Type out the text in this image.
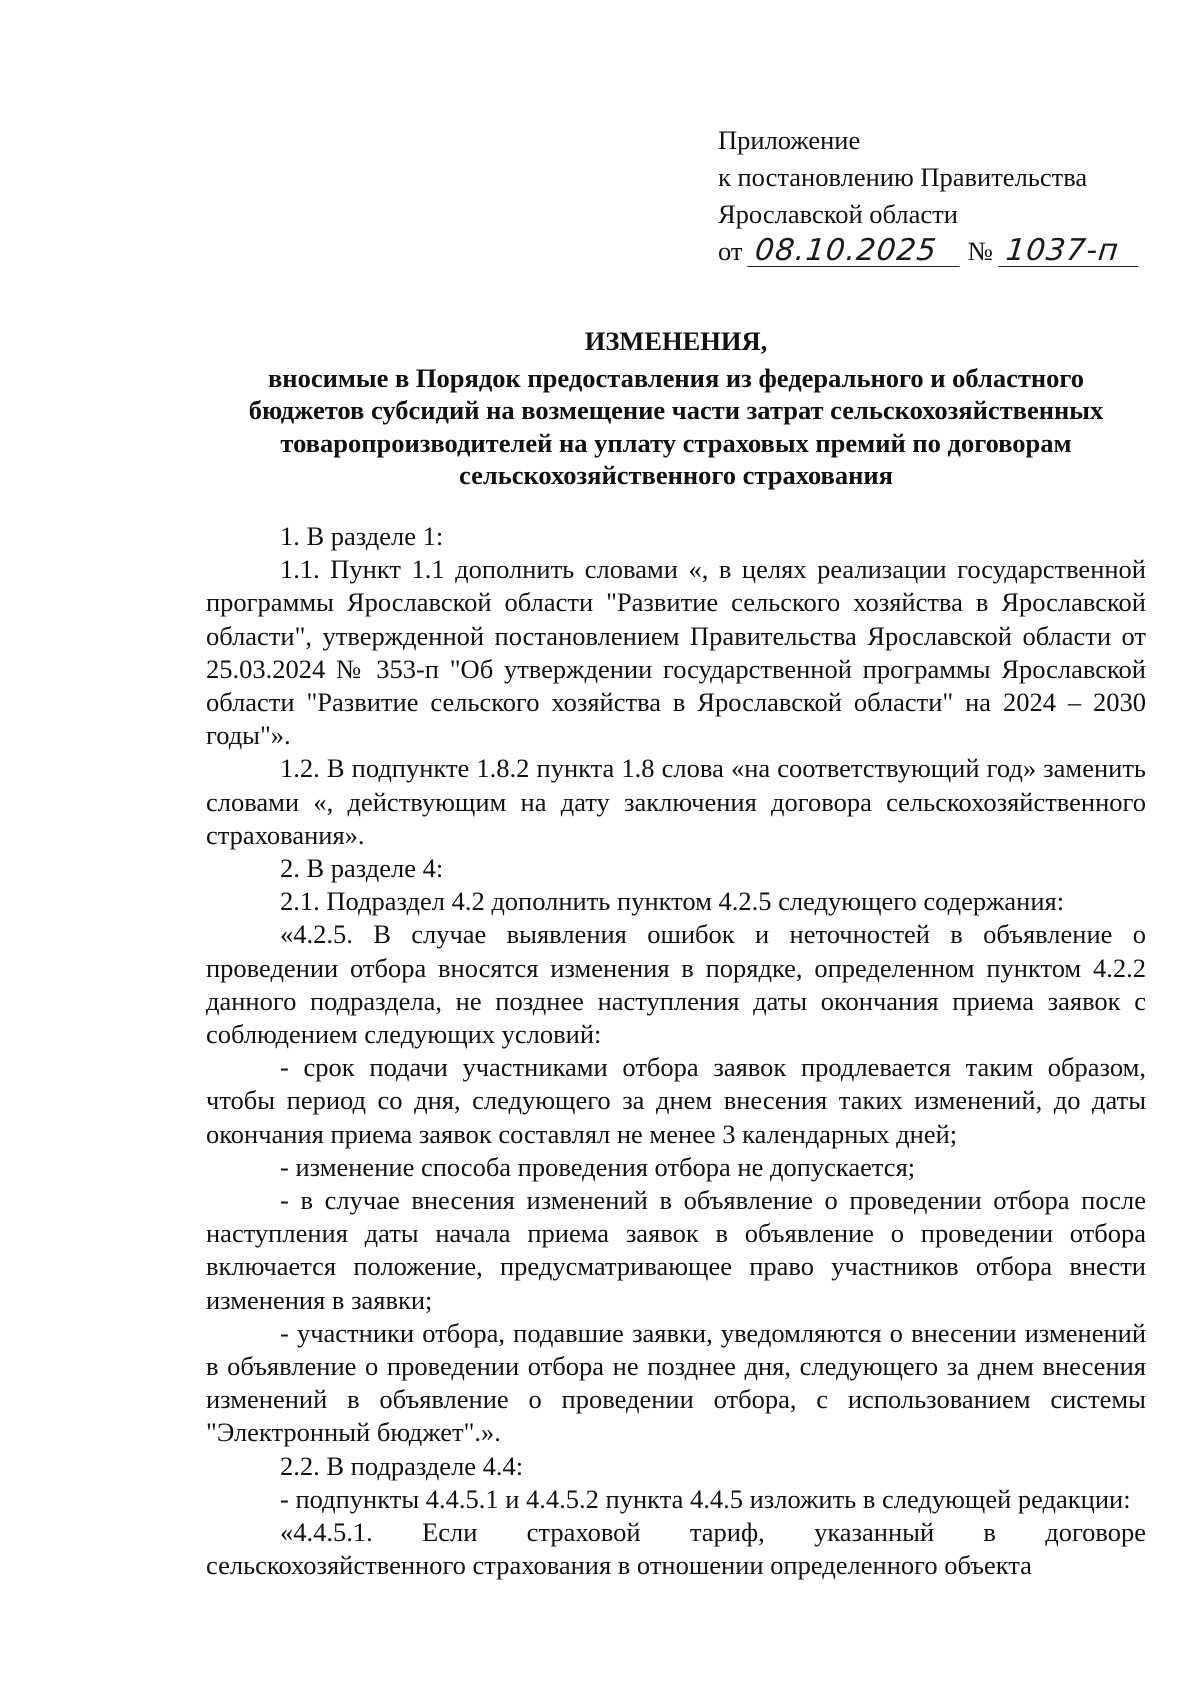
Приложение
к постановлению Правительства
Ярославской области
от 08.10.2025 № 1037-п
ИЗМЕНЕНИЯ,
вносимые в Порядок предоставления из федерального и областного
бюджетов субсидий на возмещение части затрат сельскохозяйственных
товаропроизводителей на уплату страховых премий по договорам
сельскохозяйственного страхования

1. В разделе 1:

1.1. Пункт 1.1 дополнить словами «, в целях реализации государственной программы Ярославской области "Развитие сельского хозяйства в Ярославской области", утвержденной постановлением Правительства Ярославской области от 25.03.2024 № 353-п "Об утверждении государственной программы Ярославской области "Развитие сельского хозяйства в Ярославской области" на 2024 – 2030 годы"».

1.2. В подпункте 1.8.2 пункта 1.8 слова «на соответствующий год» заменить словами «, действующим на дату заключения договора сельскохозяйственного страхования».

2. В разделе 4:

2.1. Подраздел 4.2 дополнить пунктом 4.2.5 следующего содержания:

«4.2.5. В случае выявления ошибок и неточностей в объявление о проведении отбора вносятся изменения в порядке, определенном пунктом 4.2.2 данного подраздела, не позднее наступления даты окончания приема заявок с соблюдением следующих условий:

- срок подачи участниками отбора заявок продлевается таким образом, чтобы период со дня, следующего за днем внесения таких изменений, до даты окончания приема заявок составлял не менее 3 календарных дней;

- изменение способа проведения отбора не допускается;

- в случае внесения изменений в объявление о проведении отбора после наступления даты начала приема заявок в объявление о проведении отбора включается положение, предусматривающее право участников отбора внести изменения в заявки;

- участники отбора, подавшие заявки, уведомляются о внесении изменений в объявление о проведении отбора не позднее дня, следующего за днем внесения изменений в объявление о проведении отбора, с использованием системы "Электронный бюджет".».

2.2. В подразделе 4.4:

- подпункты 4.4.5.1 и 4.4.5.2 пункта 4.4.5 изложить в следующей редакции:

«4.4.5.1. Если страховой тариф, указанный в договоре сельскохозяйственного страхования в отношении определенного объекта
